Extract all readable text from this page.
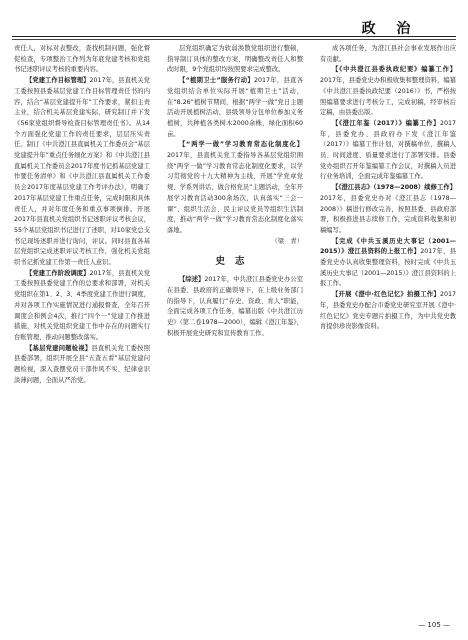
政 治

责任人，对标对表整改，查找机制问题，强化督促检查，专项整治工作列为年底党建考核和党组书记述职评议考核的重要内容。

【党建工作目标管理】2017年，县直机关党工委按照县委基层党建工作目标管理责任书的内容，结合“基层党建提升年”工作要求，紧扣主责主业，结合机关基层党建实际，研究制订并下发《56家党组织督导检查目标管理责任书》。从14个方面强化党建工作的责任要求，层层压实责任。制订《中共澄江县直属机关工作委员会“基层党建提升年”重点任务细化方案》和《中共澄江县直属机关工作委员会2017年度书记抓基层党建工作要任务清单》和《中共澄江县直属机关工作委员会2017年度基层党建工作考评办法》，明确了2017年基层党建工作重点任务，完成时限和具体责任人，并对年度任务和重点事项倒排。开展2017年县直机关党组织书记述职评议考核会议，55个基层党组织书记进行了述职，对10家党总支书记现场述职并进行询问，评议。同时县直各基层党组织完成述职评议考核工作，强化机关党组织书记抓党建工作第一责任人意识。

【党建工作阶段调度】2017年，县直机关党工委按照县委党建工作的总要求和部署，对机关党组织在第1、2、3、4季度党建工作进行调度，并对各项工作实施情况进行通报督查，全年召开调度会和例会4次，推行“四个一”党建工作推进措施，对机关党组织党建工作中存在的问题实行台账管理，推动问题整改落实。

【基层党建问题检视】县直机关党工委按照县委部署，组织开展全县“五查五看”基层党建问题检视，深入查摆党员干部作风不实、纪律意识淡薄问题，全面从严治党。

层党组织确定为软弱涣散党组织进行整顿，指导制订具体的整改方案，明确整改责任人和整改时限，9个党组织均按照要求完成整改。

【“植期卫士”服务行动】2017年，县直各党组织结合单位实际开展“植期卫士”活动，在“8.26”植树节期间，根据“两学一做”党日主题活动开展植树活动，县级领导分包单位参加义务植树，共种植各类树木2000余株，绿化面积60亩。

【“两学一做”学习教育常态化制度化】2017年，县直机关党工委指导各基层党组织围绕“两学一做”学习教育常态化制度化要求，以学习贯彻党的十九大精神为主线，开展“学党章党规、学系列讲话，做合格党员”主题活动，全年开展学习教育活动300余场次，认真落实“三会一课”、组织生活会、民主评议党员等组织生活制度，推动“两学一做”学习教育常态化制度化落实落地。

（梁　青）

史志

【综述】2017年，中共澄江县委党史办公室在县委、县政府的正确领导下，在上级业务部门的指导下，认真履行“存史、资政、育人”职能，全面完成各项工作任务，编纂出版《中共澄江历史》（第二卷1978—2000），编辑《澄江年鉴》，积极开展党史研究和宣传教育工作。

成各项任务，为澄江县社会事业发展作出应有贡献。

【《中共澄江县委执政纪要》编纂工作】2017年，县委党史办积极收集和整理资料，编纂《中共澄江县委执政纪要（2016）》书，严格按照编纂要求进行考核分工，完成初稿，经审核后定稿，由县委出版。

【《澄江年鉴（2017）》编纂工作】2017年，县委党办、县政府办下发《澄江年鉴（2017）》编纂工作计划，对撰稿单位、撰稿人员、时间进度、质量要求进行了部署安排。县委党办组织召开年鉴编纂工作会议，对撰稿人员进行业务培训，全面完成年鉴编纂工作。

【《澄江县志》（1978—2008）续修工作】2017年，县委党史办对《澄江县志（1978—2008）》稿进行修改完善，按照县委、县政府部署，积极推进县志续修工作，完成资料收集和初稿编写。

【完成《中共玉溪历史大事记（2001—2015）》澄江县资料的上报工作】2017年，县委党史办认真收集整理资料，按时完成《中共玉溪历史大事记（2001—2015）》澄江县资料的上报工作。

【开展《澄中·红色记忆》拍摄工作】2017年，县委党史办配合市委党史研究室开展《澄中·红色记忆》党史专题片拍摄工作，为中共党史教育提供珍贵影像资料。

— 105 —
